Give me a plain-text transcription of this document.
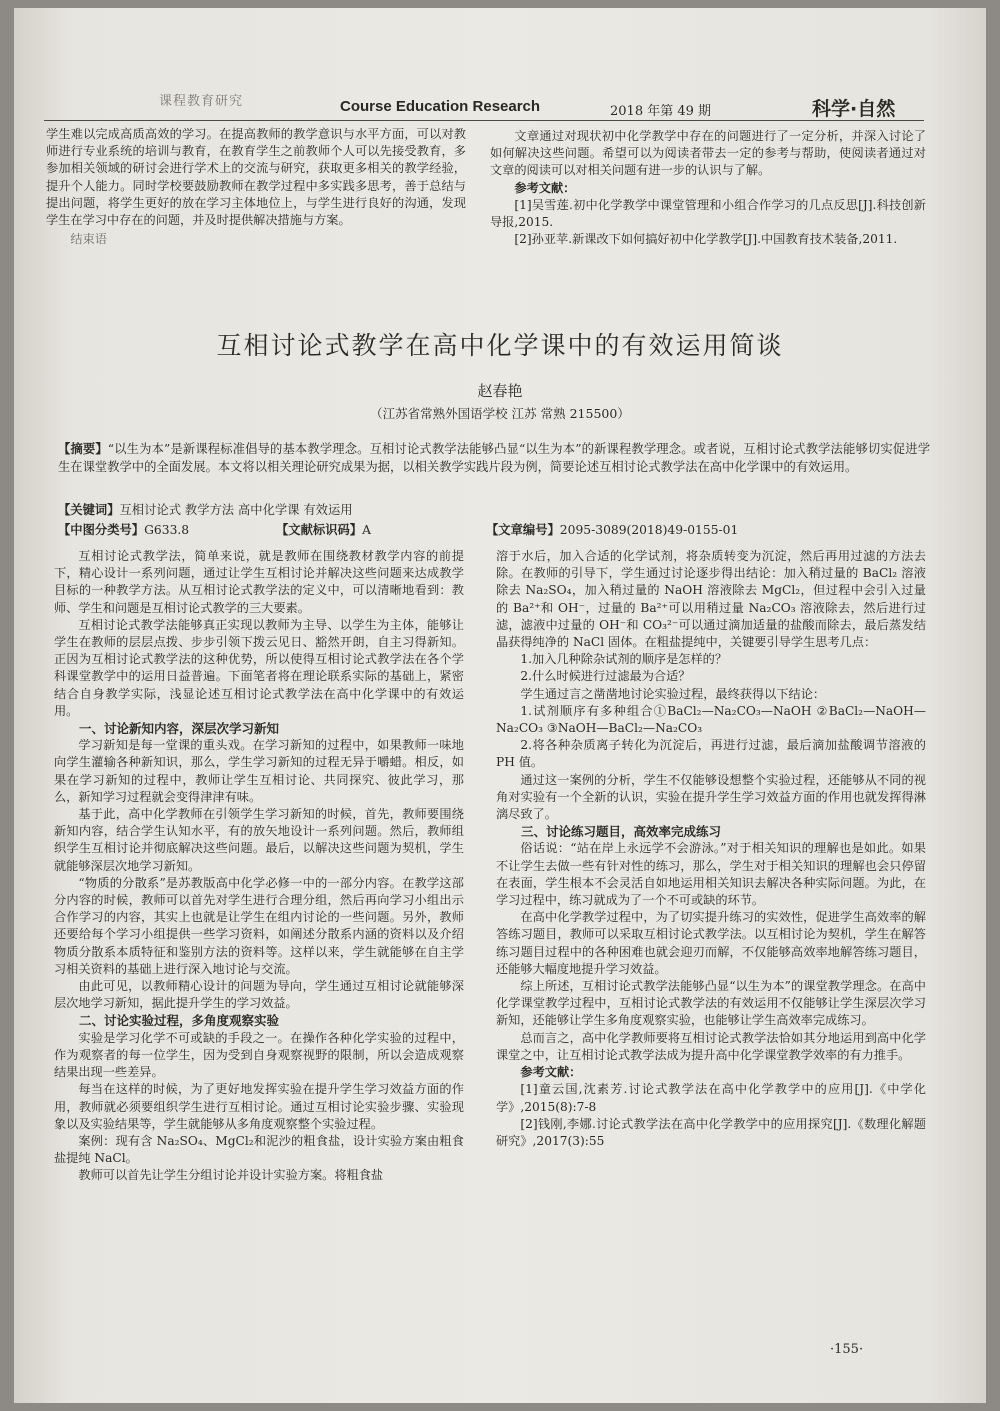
课程教育研究	Course Education Research	2018 年第 49 期	科学·自然

学生难以完成高质高效的学习。在提高教师的教学意识与水平方面，可以对教师进行专业系统的培训与教育，在教育学生之前教师个人可以先接受教育，多参加相关领域的研讨会进行学术上的交流与研究，获取更多相关的教学经验，提升个人能力。同时学校要鼓励教师在教学过程中多实践多思考，善于总结与提出问题，将学生更好的放在学习主体地位上，与学生进行良好的沟通，发现学生在学习中存在的问题，并及时提供解决措施与方案。

结束语

文章通过对现状初中化学教学中存在的问题进行了一定分析，并深入讨论了如何解决这些问题。希望可以为阅读者带去一定的参考与帮助，使阅读者通过对文章的阅读可以对相关问题有进一步的认识与了解。

参考文献：

[1]吴雪莲.初中化学教学中课堂管理和小组合作学习的几点反思[J].科技创新导报,2015.

[2]孙亚苹.新课改下如何搞好初中化学教学[J].中国教育技术装备,2011.

互相讨论式教学在高中化学课中的有效运用简谈
赵春艳
（江苏省常熟外国语学校 江苏 常熟 215500）
【摘要】“以生为本”是新课程标准倡导的基本教学理念。互相讨论式教学法能够凸显“以生为本”的新课程教学理念。或者说，互相讨论式教学法能够切实促进学生在课堂教学中的全面发展。本文将以相关理论研究成果为据，以相关教学实践片段为例，简要论述互相讨论式教学法在高中化学课中的有效运用。
【关键词】互相讨论式 教学方法 高中化学课 有效运用
【中图分类号】G633.8	【文献标识码】A	【文章编号】2095-3089(2018)49-0155-01

互相讨论式教学法，简单来说，就是教师在围绕教材教学内容的前提下，精心设计一系列问题，通过让学生互相讨论并解决这些问题来达成教学目标的一种教学方法。从互相讨论式教学法的定义中，可以清晰地看到：教师、学生和问题是互相讨论式教学的三大要素。

互相讨论式教学法能够真正实现以教师为主导、以学生为主体，能够让学生在教师的层层点拨、步步引领下拨云见日、豁然开朗，自主习得新知。正因为互相讨论式教学法的这种优势，所以使得互相讨论式教学法在各个学科课堂教学中的运用日益普遍。下面笔者将在理论联系实际的基础上，紧密结合自身教学实际，浅显论述互相讨论式教学法在高中化学课中的有效运用。

一、讨论新知内容，深层次学习新知

学习新知是每一堂课的重头戏。在学习新知的过程中，如果教师一味地向学生灌输各种新知识，那么，学生学习新知的过程无异于嚼蜡。相反，如果在学习新知的过程中，教师让学生互相讨论、共同探究、彼此学习，那么，新知学习过程就会变得津津有味。

基于此，高中化学教师在引领学生学习新知的时候，首先，教师要围绕新知内容，结合学生认知水平，有的放矢地设计一系列问题。然后，教师组织学生互相讨论并彻底解决这些问题。最后，以解决这些问题为契机，学生就能够深层次地学习新知。

“物质的分散系”是苏教版高中化学必修一中的一部分内容。在教学这部分内容的时候，教师可以首先对学生进行合理分组，然后再向学习小组出示合作学习的内容，其实上也就是让学生在组内讨论的一些问题。另外，教师还要给每个学习小组提供一些学习资料，如阐述分散系内涵的资料以及介绍物质分散系本质特征和鉴别方法的资料等。这样以来，学生就能够在自主学习相关资料的基础上进行深入地讨论与交流。

由此可见，以教师精心设计的问题为导向，学生通过互相讨论就能够深层次地学习新知，据此提升学生的学习效益。

二、讨论实验过程，多角度观察实验

实验是学习化学不可或缺的手段之一。在操作各种化学实验的过程中，作为观察者的每一位学生，因为受到自身观察视野的限制，所以会造成观察结果出现一些差异。

每当在这样的时候，为了更好地发挥实验在提升学生学习效益方面的作用，教师就必须要组织学生进行互相讨论。通过互相讨论实验步骤、实验现象以及实验结果等，学生就能够从多角度观察整个实验过程。

案例：现有含 Na₂SO₄、MgCl₂和泥沙的粗食盐，设计实验方案由粗食盐提纯 NaCl。

教师可以首先让学生分组讨论并设计实验方案。将粗食盐

溶于水后，加入合适的化学试剂，将杂质转变为沉淀，然后再用过滤的方法去除。在教师的引导下，学生通过讨论逐步得出结论：加入稍过量的 BaCl₂ 溶液除去 Na₂SO₄，加入稍过量的 NaOH 溶液除去 MgCl₂，但过程中会引入过量的 Ba²⁺和 OH⁻，过量的 Ba²⁺可以用稍过量 Na₂CO₃ 溶液除去，然后进行过滤，滤液中过量的 OH⁻和 CO₃²⁻可以通过滴加适量的盐酸而除去，最后蒸发结晶获得纯净的 NaCl 固体。在粗盐提纯中，关键要引导学生思考几点：

1.加入几种除杂试剂的顺序是怎样的？

2.什么时候进行过滤最为合适？

学生通过言之凿凿地讨论实验过程，最终获得以下结论：

1.试剂顺序有多种组合①BaCl₂—Na₂CO₃—NaOH ②BaCl₂—NaOH—Na₂CO₃ ③NaOH—BaCl₂—Na₂CO₃

2.将各种杂质离子转化为沉淀后，再进行过滤，最后滴加盐酸调节溶液的 PH 值。

通过这一案例的分析，学生不仅能够设想整个实验过程，还能够从不同的视角对实验有一个全新的认识，实验在提升学生学习效益方面的作用也就发挥得淋漓尽致了。

三、讨论练习题目，高效率完成练习

俗话说：“站在岸上永远学不会游泳。”对于相关知识的理解也是如此。如果不让学生去做一些有针对性的练习，那么，学生对于相关知识的理解也会只停留在表面，学生根本不会灵活自如地运用相关知识去解决各种实际问题。为此，在学习过程中，练习就成为了一个不可或缺的环节。

在高中化学教学过程中，为了切实提升练习的实效性，促进学生高效率的解答练习题目，教师可以采取互相讨论式教学法。以互相讨论为契机，学生在解答练习题目过程中的各种困难也就会迎刃而解，不仅能够高效率地解答练习题目，还能够大幅度地提升学习效益。

综上所述，互相讨论式教学法能够凸显“以生为本”的课堂教学理念。在高中化学课堂教学过程中，互相讨论式教学法的有效运用不仅能够让学生深层次学习新知，还能够让学生多角度观察实验，也能够让学生高效率完成练习。

总而言之，高中化学教师要将互相讨论式教学法恰如其分地运用到高中化学课堂之中，让互相讨论式教学法成为提升高中化学课堂教学效率的有力推手。

参考文献：

[1]童云国,沈素芳.讨论式教学法在高中化学教学中的应用[J].《中学化学》,2015(8):7-8

[2]钱刚,李娜.讨论式教学法在高中化学教学中的应用探究[J].《数理化解题研究》,2017(3):55

·155·
